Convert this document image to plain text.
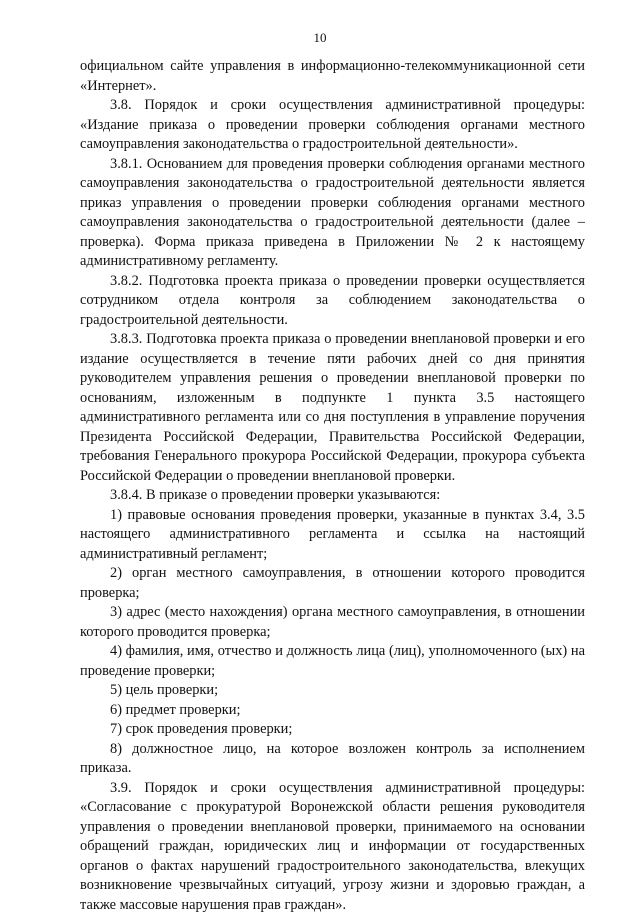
10

официальном сайте управления в информационно-телекоммуникационной сети «Интернет».

3.8. Порядок и сроки осуществления административной процедуры: «Издание приказа о проведении проверки соблюдения органами местного самоуправления законодательства о градостроительной деятельности».

3.8.1. Основанием для проведения проверки соблюдения органами местного самоуправления законодательства о градостроительной деятельности является приказ управления о проведении проверки соблюдения органами местного самоуправления законодательства о градостроительной деятельности (далее – проверка). Форма приказа приведена в Приложении № 2 к настоящему административному регламенту.

3.8.2. Подготовка проекта приказа о проведении проверки осуществляется сотрудником отдела контроля за соблюдением законодательства о градостроительной деятельности.

3.8.3. Подготовка проекта приказа о проведении внеплановой проверки и его издание осуществляется в течение пяти рабочих дней со дня принятия руководителем управления решения о проведении внеплановой проверки по основаниям, изложенным в подпункте 1 пункта 3.5 настоящего административного регламента или со дня поступления в управление поручения Президента Российской Федерации, Правительства Российской Федерации, требования Генерального прокурора Российской Федерации, прокурора субъекта Российской Федерации о проведении внеплановой проверки.

3.8.4. В приказе о проведении проверки указываются:

1) правовые основания проведения проверки, указанные в пунктах 3.4, 3.5 настоящего административного регламента и ссылка на настоящий административный регламент;

2) орган местного самоуправления, в отношении которого проводится проверка;

3) адрес (место нахождения) органа местного самоуправления, в отношении которого проводится проверка;

4) фамилия, имя, отчество и должность лица (лиц), уполномоченного (ых) на проведение проверки;

5) цель проверки;

6) предмет проверки;

7) срок проведения проверки;

8) должностное лицо, на которое возложен контроль за исполнением приказа.

3.9. Порядок и сроки осуществления административной процедуры: «Согласование с прокуратурой Воронежской области решения руководителя управления о проведении внеплановой проверки, принимаемого на основании обращений граждан, юридических лиц и информации от государственных органов о фактах нарушений градостроительного законодательства, влекущих возникновение чрезвычайных ситуаций, угрозу жизни и здоровью граждан, а также массовые нарушения прав граждан».
